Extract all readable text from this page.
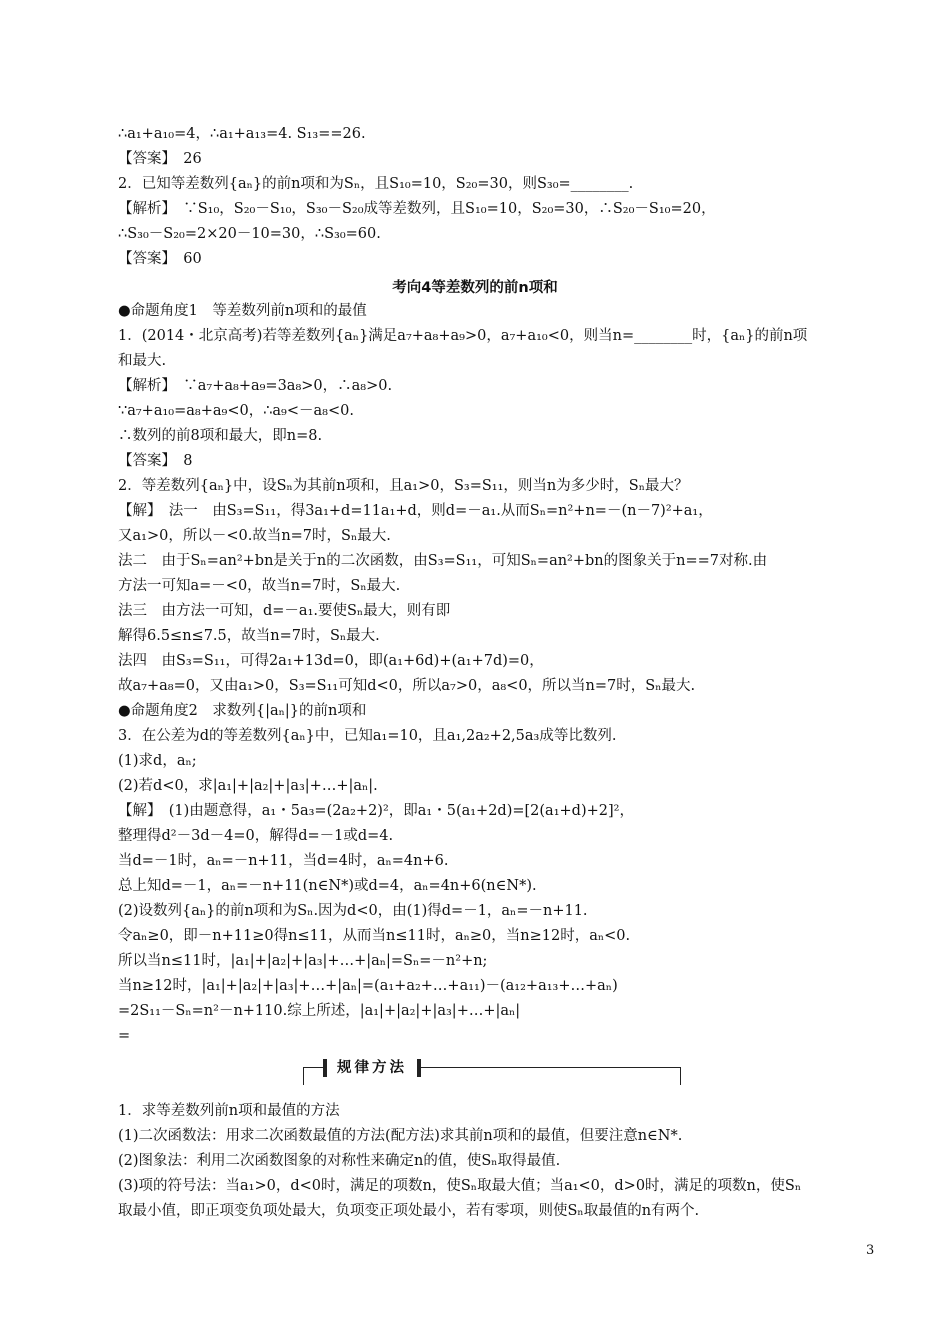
∴a₁+a₁₀=4，∴a₁+a₁₃=4. S₁₃==26.
【答案】　26
2．已知等差数列{aₙ}的前n项和为Sₙ，且S₁₀=10，S₂₀=30，则S₃₀=________.
【解析】　∵S₁₀，S₂₀－S₁₀，S₃₀－S₂₀成等差数列，且S₁₀=10，S₂₀=30，∴S₂₀－S₁₀=20，
∴S₃₀－S₂₀=2×20－10=30，∴S₃₀=60.
【答案】　60
考向4等差数列的前n项和
●命题角度1　等差数列前n项和的最值
1．(2014・北京高考)若等差数列{aₙ}满足a₇+a₈+a₉>0，a₇+a₁₀<0，则当n=________时，{aₙ}的前n项
和最大.
【解析】　∵a₇+a₈+a₉=3a₈>0，∴a₈>0.
∵a₇+a₁₀=a₈+a₉<0，∴a₉<－a₈<0.
∴数列的前8项和最大，即n=8.
【答案】　8
2．等差数列{aₙ}中，设Sₙ为其前n项和，且a₁>0，S₃=S₁₁，则当n为多少时，Sₙ最大？
【解】　法一　由S₃=S₁₁，得3a₁+d=11a₁+d，则d=－a₁.从而Sₙ=n²+n=－(n－7)²+a₁，
又a₁>0，所以－<0.故当n=7时，Sₙ最大.
法二　由于Sₙ=an²+bn是关于n的二次函数，由S₃=S₁₁，可知Sₙ=an²+bn的图象关于n==7对称.由
方法一可知a=－<0，故当n=7时，Sₙ最大.
法三　由方法一可知，d=－a₁.要使Sₙ最大，则有即
解得6.5≤n≤7.5，故当n=7时，Sₙ最大.
法四　由S₃=S₁₁，可得2a₁+13d=0，即(a₁+6d)+(a₁+7d)=0，
故a₇+a₈=0，又由a₁>0，S₃=S₁₁可知d<0，所以a₇>0，a₈<0，所以当n=7时，Sₙ最大.
●命题角度2　求数列{|aₙ|}的前n项和
3．在公差为d的等差数列{aₙ}中，已知a₁=10，且a₁,2a₂+2,5a₃成等比数列.
(1)求d，aₙ;
(2)若d<0，求|a₁|+|a₂|+|a₃|+…+|aₙ|.
【解】　(1)由题意得，a₁・5a₃=(2a₂+2)²，即a₁・5(a₁+2d)=[2(a₁+d)+2]²，
整理得d²－3d－4=0，解得d=－1或d=4.
当d=－1时，aₙ=－n+11，当d=4时，aₙ=4n+6.
总上知d=－1，aₙ=－n+11(n∈N*)或d=4，aₙ=4n+6(n∈N*).
(2)设数列{aₙ}的前n项和为Sₙ.因为d<0，由(1)得d=－1，aₙ=－n+11.
令aₙ≥0，即－n+11≥0得n≤11，从而当n≤11时，aₙ≥0，当n≥12时，aₙ<0.
所以当n≤11时，|a₁|+|a₂|+|a₃|+…+|aₙ|=Sₙ=－n²+n;
当n≥12时，|a₁|+|a₂|+|a₃|+…+|aₙ|=(a₁+a₂+…+a₁₁)－(a₁₂+a₁₃+…+aₙ)
=2S₁₁－Sₙ=n²－n+110.综上所述，|a₁|+|a₂|+|a₃|+…+|aₙ|
=
规律方法
1．求等差数列前n项和最值的方法
(1)二次函数法：用求二次函数最值的方法(配方法)求其前n项和的最值，但要注意n∈N*.
(2)图象法：利用二次函数图象的对称性来确定n的值，使Sₙ取得最值.
(3)项的符号法：当a₁>0，d<0时，满足的项数n，使Sₙ取最大值；当a₁<0，d>0时，满足的项数n，使Sₙ
取最小值，即正项变负项处最大，负项变正项处最小，若有零项，则使Sₙ取最值的n有两个.
3
